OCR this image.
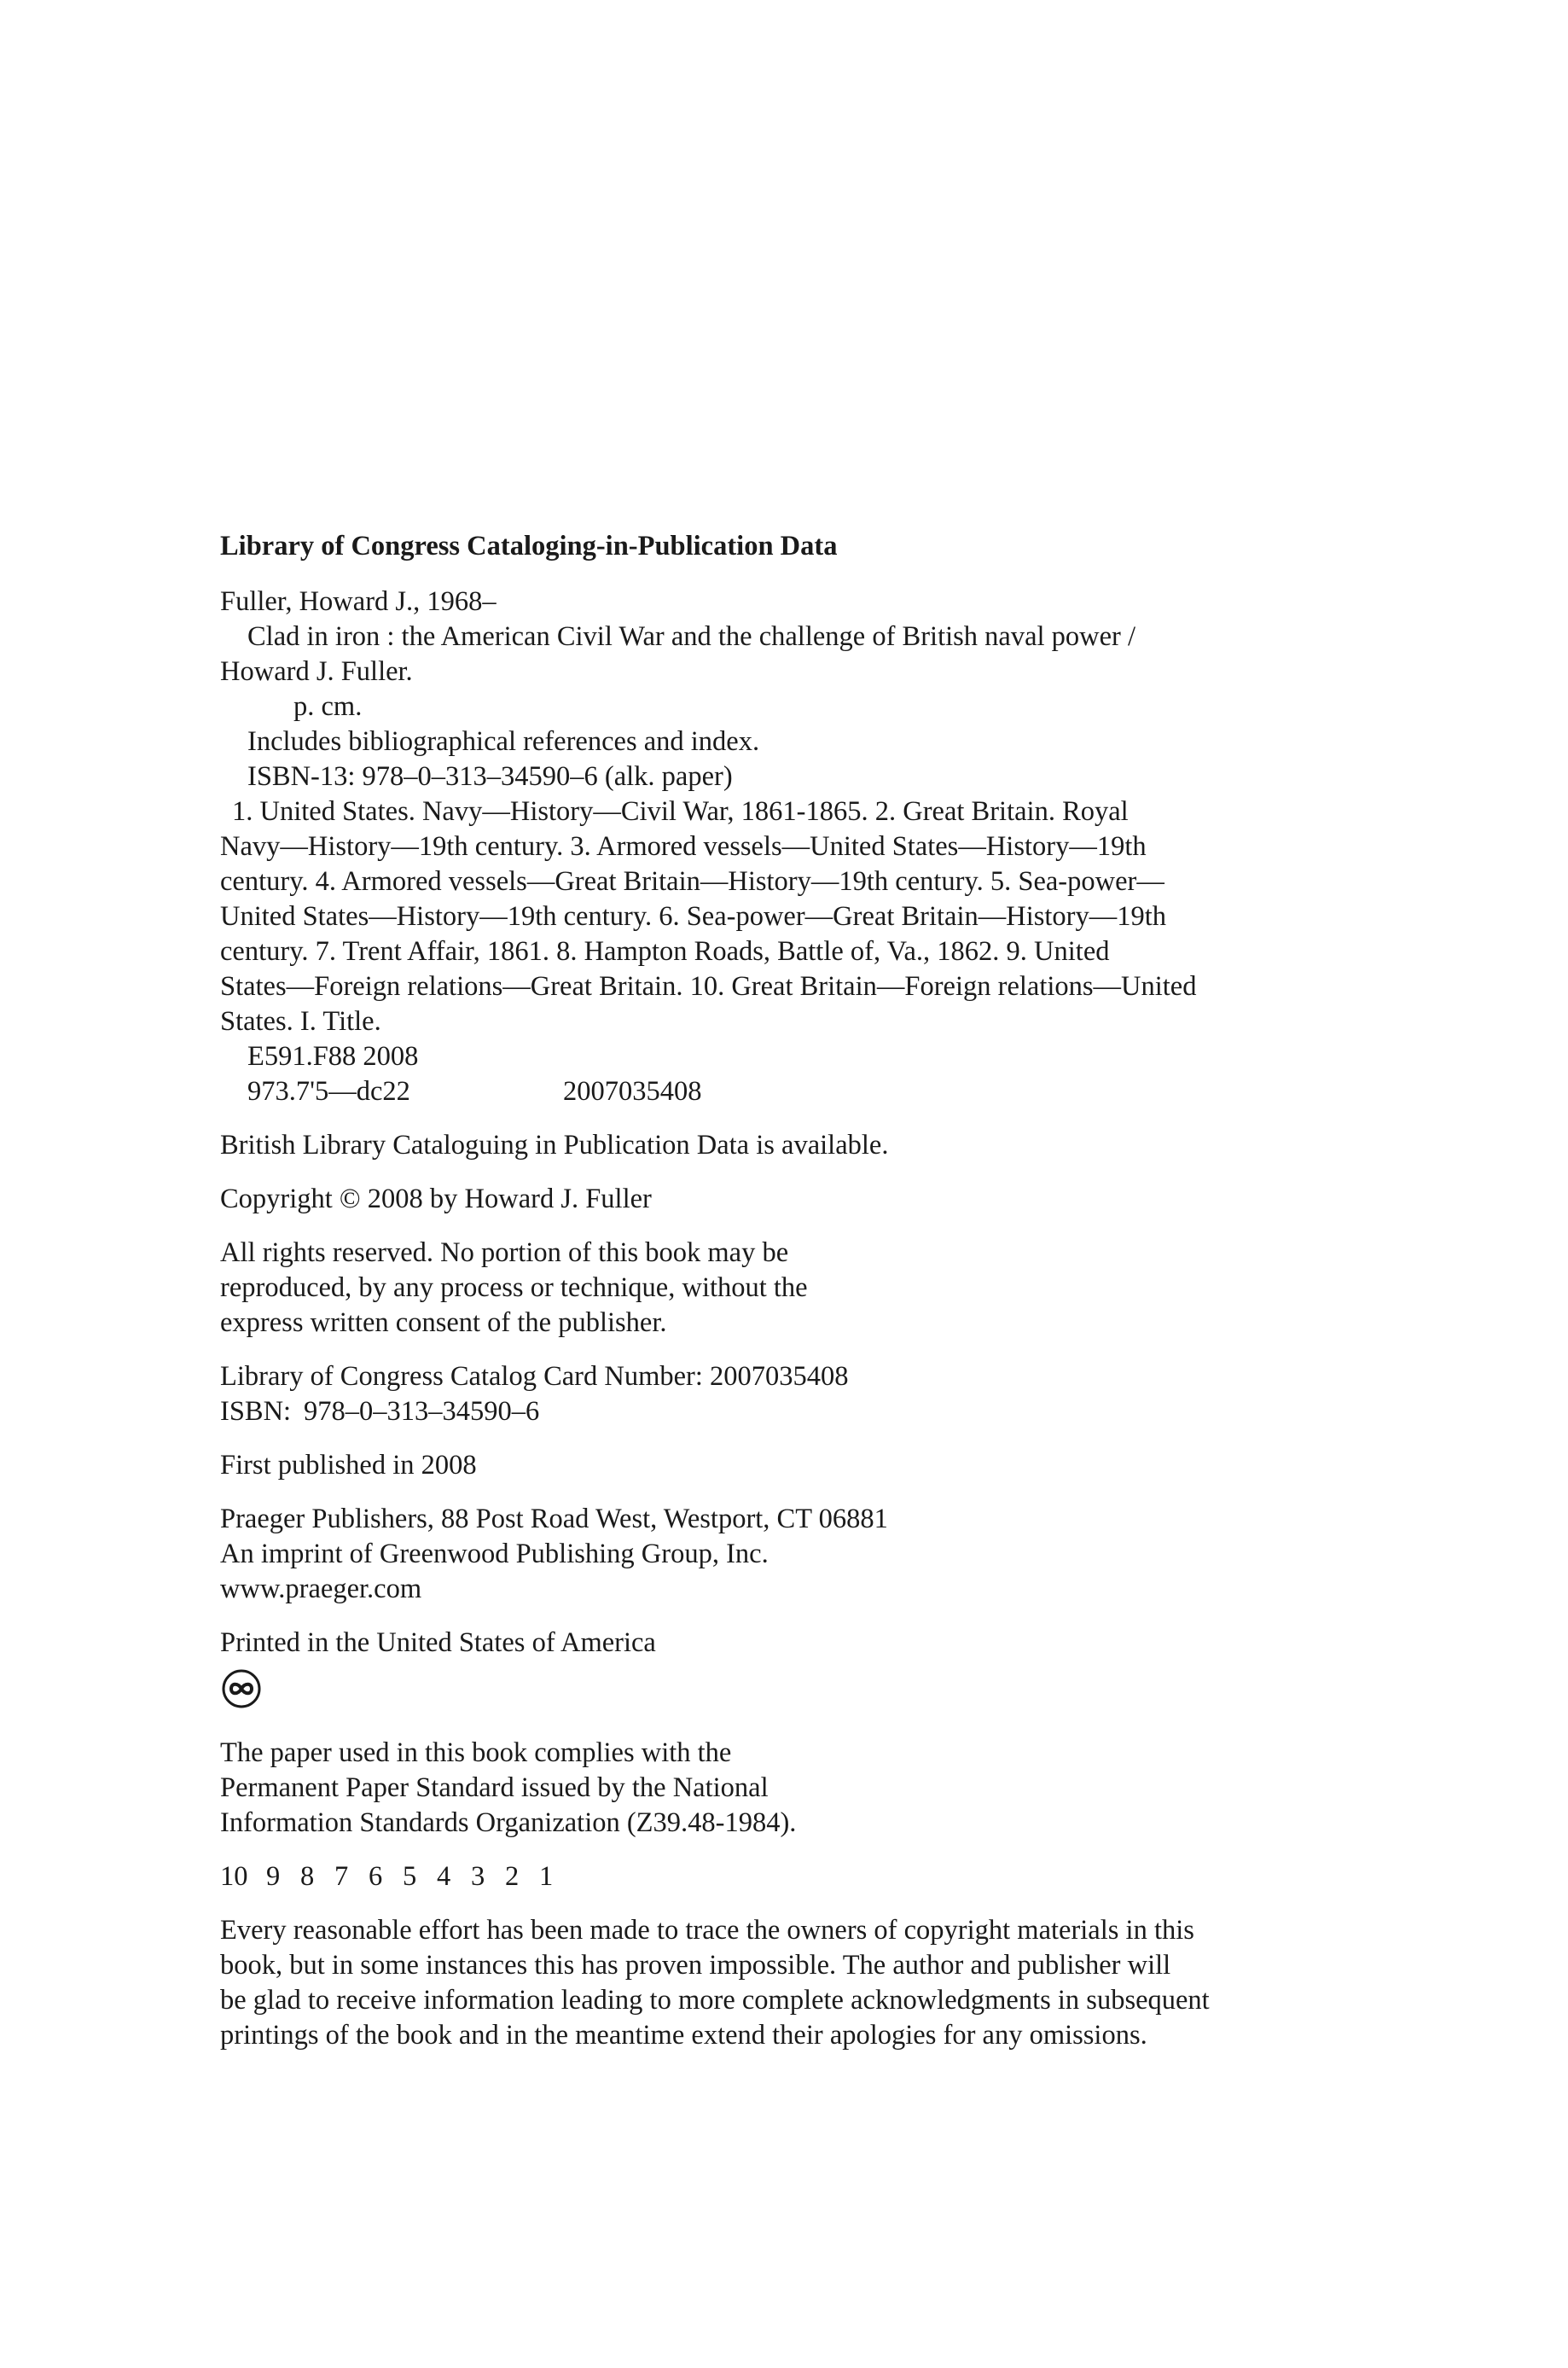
Library of Congress Cataloging-in-Publication Data

Fuller, Howard J., 1968–
Clad in iron : the American Civil War and the challenge of British naval power /
Howard J. Fuller.
p. cm.
Includes bibliographical references and index.
ISBN-13: 978–0–313–34590–6 (alk. paper)
1. United States. Navy—History—Civil War, 1861-1865. 2. Great Britain. Royal
Navy—History—19th century. 3. Armored vessels—United States—History—19th
century. 4. Armored vessels—Great Britain—History—19th century. 5. Sea-power—
United States—History—19th century. 6. Sea-power—Great Britain—History—19th
century. 7. Trent Affair, 1861. 8. Hampton Roads, Battle of, Va., 1862. 9. United
States—Foreign relations—Great Britain. 10. Great Britain—Foreign relations—United
States. I. Title.
E591.F88 2008
973.7'5—dc22	2007035408

British Library Cataloguing in Publication Data is available.

Copyright © 2008 by Howard J. Fuller

All rights reserved. No portion of this book may be
reproduced, by any process or technique, without the
express written consent of the publisher.
Library of Congress Catalog Card Number: 2007035408
ISBN: 978–0–313–34590–6

First published in 2008

Praeger Publishers, 88 Post Road West, Westport, CT 06881
An imprint of Greenwood Publishing Group, Inc.
www.praeger.com

Printed in the United States of America

The paper used in this book complies with the
Permanent Paper Standard issued by the National
Information Standards Organization (Z39.48-1984).
10 9 8 7 6 5 4 3 2 1
Every reasonable effort has been made to trace the owners of copyright materials in this
book, but in some instances this has proven impossible. The author and publisher will
be glad to receive information leading to more complete acknowledgments in subsequent
printings of the book and in the meantime extend their apologies for any omissions.
